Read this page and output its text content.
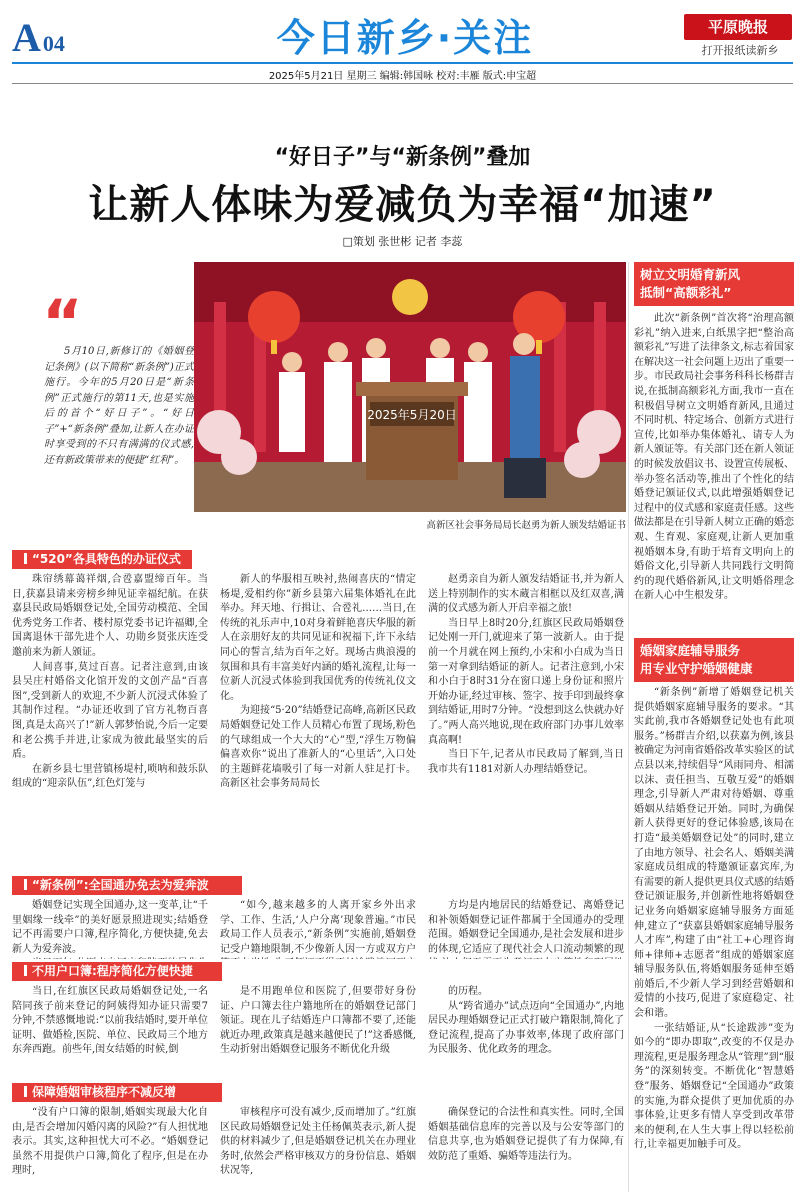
A04	今日新乡·关注	平原晚报
打开报纸读新乡
2025年5月21日 星期三 编辑:韩国咏 校对:丰雁 版式:申宝超
“好日子”与“新条例”叠加
让新人体味为爱减负为幸福“加速”
□策划 张世彬 记者 李蕊
“
5月10日,新修订的《婚姻登记条例》(以下简称“新条例”)正式施行。今年的5月20日是“新条例”正式施行的第11天,也是实施后的首个“好日子”。“好日子”+“新条例”叠加,让新人在办证时享受到的不只有满满的仪式感,还有新政策带来的便捷“红利”。
2025年5月20日
高新区社会事务局局长赵勇为新人颁发结婚证书
“520”各具特色的办证仪式

珠帘绣幕蔼祥烟,合卺嘉盟缔百年。当日,获嘉县请来旁榜乡绅见证幸福纪航。在获嘉县民政局婚姻登记处,全国劳动模范、全国优秀党务工作者、楼村原党委书记许福卿,全国离退休干部先进个人、功勋乡贤张庆连受邀前来为新人颁证。

人间喜事,莫过百喜。记者注意到,由该县吴庄村婚俗文化馆开发的文创产品“百喜图”,受到新人的欢迎,不少新人沉浸式体验了其制作过程。“办证还收到了官方礼物百喜图,真是太高兴了!”新人郭梦怡说,今后一定要和老公携手并进,让家成为彼此最坚实的后盾。

在新乡县七里营镇杨堤村,唢呐和鼓乐队组成的“迎亲队伍”,红色灯笼与

新人的华服相互映衬,热闹喜庆的“情定杨堤,爱相约你”新乡县第六届集体婚礼在此举办。拜天地、行揖让、合卺礼……当日,在传统的礼乐声中,10对身着鲜艳喜庆华服的新人在亲朋好友的共同见证和祝福下,许下永结同心的誓言,结为百年之好。现场古典浪漫的氛围和具有丰富美好内涵的婚礼流程,让每一位新人沉浸式体验到我国优秀的传统礼仪文化。

为迎接“5·20”结婚登记高峰,高新区民政局婚姻登记处工作人员精心布置了现场,粉色的气球组成一个大大的“心”型,“浮生万物偏偏喜欢你”说出了准新人的“心里话”,入口处的主题鲜花墙吸引了每一对新人驻足打卡。高新区社会事务局局长

赵勇亲自为新人颁发结婚证书,并为新人送上特别制作的实木蔵言相框以及红双喜,满满的仪式感为新人开启幸福之旅!

当日早上8时20分,红旗区民政局婚姻登记处刚一开门,就迎来了第一波新人。由于提前一个月就在网上预约,小宋和小白成为当日第一对拿到结婚证的新人。记者注意到,小宋和小白于8时31分在窗口递上身份证和照片开始办证,经过审核、签字、按手印到最终拿到结婚证,用时7分钟。“没想到这么快就办好了。”两人高兴地说,现在政府部门办事儿效率真高啊!

当日下午,记者从市民政局了解到,当日我市共有1181对新人办理结婚登记。

“新条例”:全国通办免去为爱奔波

婚姻登记实现全国通办,这一变革,让“千里姻缘一线牵”的美好愿景照进现实;结婚登记不再需要户口簿,程序简化,方便快捷,免去新人为爱奔波。

“如今,越来越多的人离开家乡外出求学、工作、生活,‘人户分离’现象普遍。”市民政局工作人员表示,“新条例”实施前,婚姻登记受户籍地限制,不少像新人因一方或双方户

方均是内地居民的结婚登记、离婚登记和补领婚姻登记证件都属于全国通办的受理范围。婚姻登记全国通办,是社会发展和进步的体现,它适应了现代社会人口流动频繁的现

不用户口簿:程序简化方便快捷

当日,在红旗区民政局婚姻登记处,一名陪同孩子前来登记的阿姨得知办证只需要7分钟,不禁感慨地说:“以前我结婚时,要开单位证明、做婚检,医院、单位、民政局三个地方东奔西跑。前些年,闺女结婚的时候,倒

是不用跑单位和医院了,但要带好身份证、户口簿去往户籍地所在的婚姻登记部门领证。现在儿子结婚连户口簿都不要了,还能就近办理,政策真是越来越便民了!”这番感慨,生动折射出婚姻登记服务不断优化升级

的历程。

从“跨省通办”试点迈向“全国通办”,内地居民办理婚姻登记正式打破户籍限制,简化了登记流程,提高了办事效率,体现了政府部门为民服务、优化政务的理念。

保障婚姻审核程序不减反增

“没有户口簿的限制,婚姻实现最大化自由,是否会增加闪婚闪离的风险?”有人担忧地表示。其实,这种担忧大可不必。“婚姻登记虽然不用提供户口簿,简化了程序,但是在办理时,

审核程序可没有减少,反而增加了。”红旗区民政局婚姻登记处主任杨佩英表示,新人提供的材料减少了,但是婚姻登记机关在办理业务时,依然会严格审核双方的身份信息、婚姻状况等,

确保登记的合法性和真实性。同时,全国婚姻基础信息库的完善以及与公安等部门的信息共享,也为婚姻登记提供了有力保障,有效防范了重婚、骗婚等违法行为。

树立文明婚育新风
抵制“高额彩礼”

此次“新条例”首次将“治理高额彩礼”纳入进来,白纸黑字把“整治高额彩礼”写进了法律条文,标志着国家在解决这一社会问题上迈出了重要一步。市民政局社会事务科科长杨群吉说,在抵制高额彩礼方面,我市一直在积极倡导树立文明婚育新风,且通过不同时机、特定场合、创新方式进行宣传,比如举办集体婚礼、请专人为新人颁证等。有关部门还在新人领证的时候发放倡议书、设置宣传展板、举办签名活动等,推出了个性化的结婚登记颁证仪式,以此增强婚姻登记过程中的仪式感和家庭责任感。这些做法都是在引导新人树立正确的婚恋观、生育观、家庭观,让新人更加重视婚姻本身,有助于培育文明向上的婚俗文化,引导新人共同践行文明简约的现代婚俗新风,让文明婚俗理念在新人心中生根发芽。

婚姻家庭辅导服务
用专业守护婚姻健康

“新条例”新增了婚姻登记机关提供婚姻家庭辅导服务的要求。“其实此前,我市各婚姻登记处也有此项服务。”杨群吉介绍,以获嘉为例,该县被确定为河南省婚俗改革实验区的试点县以来,持续倡导“风雨同舟、相濡以沫、责任担当、互敬互爱”的婚姻理念,引导新人严肃对待婚姻、尊重婚姻从结婚登记开始。同时,为确保新人获得更好的登记体验感,该局在打造“最美婚姻登记处”的同时,建立了由地方领导、社会名人、婚姻美满家庭成员组成的特邀颁证嘉宾库,为有需要的新人提供更具仪式感的结婚登记颁证服务,并创新性地将婚姻登记业务向婚姻家庭辅导服务方面延伸,建立了“获嘉县婚姻家庭辅导服务人才库”,构建了由“社工+心理咨询师+律师+志愿者”组成的婚姻家庭辅导服务队伍,将婚姻服务延伸至婚前婚后,不少新人学习到经营婚姻和爱情的小技巧,促进了家庭稳定、社会和谐。

一张结婚证,从“长途跋涉”变为如今的“即办即取”,改变的不仅是办理流程,更是服务理念从“管理”到“服务”的深刻转变。不断优化“智慧婚登”服务、婚姻登记“全国通办”政策的实施,为群众提供了更加优质的办事体验,让更多有情人享受到改革带来的便利,在人生大事上得以轻松前行,让幸福更加触手可及。
